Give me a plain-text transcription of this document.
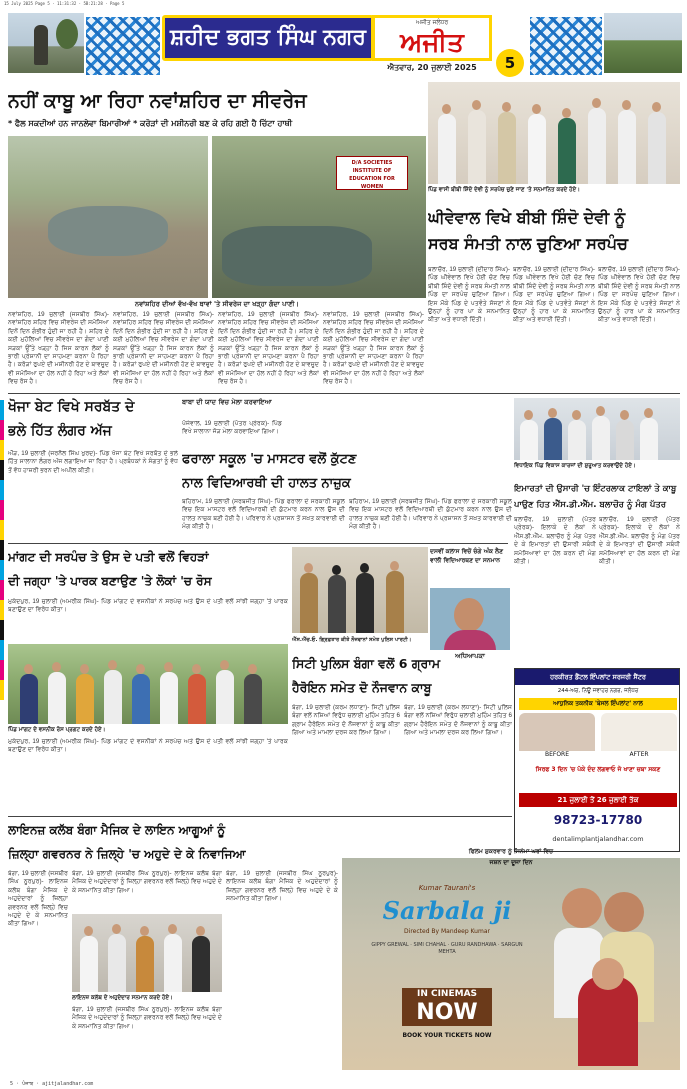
15 July 2025 Page 5 · 11:31:32 · 5B:21:28 · Page 5
ਸ਼ਹੀਦ ਭਗਤ ਸਿੰਘ ਨਗਰ
ਅਜੀਤ ਜਲੰਧਰ
ਅਜੀਤ
ਐਤਵਾਰ, 20 ਜੁਲਾਈ 2025	5
ਨਹੀਂ ਕਾਬੂ ਆ ਰਿਹਾ ਨਵਾਂਸ਼ਹਿਰ ਦਾ ਸੀਵਰੇਜ
* ਫੈਲ ਸਕਦੀਆਂ ਹਨ ਜਾਨਲੇਵਾ ਬਿਮਾਰੀਆਂ * ਕਰੋੜਾਂ ਦੀ ਮਸ਼ੀਨਰੀ ਬਣ ਕੇ ਰਹਿ ਗਈ ਹੈ ਚਿੱਟਾ ਹਾਥੀ
D/A SOCIETIES INSTITUTE OF EDUCATION FOR WOMEN
ਨਵਾਂਸ਼ਹਿਰ ਦੀਆਂ ਵੱਖ-ਵੱਖ ਥਾਵਾਂ 'ਤੇ ਸੀਵਰੇਜ ਦਾ ਖੜ੍ਹਾ ਗੰਦਾ ਪਾਣੀ।
ਨਵਾਂਸ਼ਹਿਰ, 19 ਜੁਲਾਈ (ਜਸਬੀਰ ਸਿੰਘ)- ਨਵਾਂਸ਼ਹਿਰ ਸ਼ਹਿਰ ਵਿਚ ਸੀਵਰੇਜ ਦੀ ਸਮੱਸਿਆ ਦਿਨੋਂ ਦਿਨ ਗੰਭੀਰ ਹੁੰਦੀ ਜਾ ਰਹੀ ਹੈ। ਸ਼ਹਿਰ ਦੇ ਕਈ ਮੁਹੱਲਿਆਂ ਵਿਚ ਸੀਵਰੇਜ ਦਾ ਗੰਦਾ ਪਾਣੀ ਸੜਕਾਂ ਉੱਤੇ ਖੜ੍ਹਾ ਹੈ ਜਿਸ ਕਾਰਨ ਲੋਕਾਂ ਨੂੰ ਭਾਰੀ ਪ੍ਰੇਸ਼ਾਨੀ ਦਾ ਸਾਹਮਣਾ ਕਰਨਾ ਪੈ ਰਿਹਾ ਹੈ। ਕਰੋੜਾਂ ਰੁਪਏ ਦੀ ਮਸ਼ੀਨਰੀ ਹੋਣ ਦੇ ਬਾਵਜੂਦ ਵੀ ਸਮੱਸਿਆ ਦਾ ਹੱਲ ਨਹੀਂ ਹੋ ਰਿਹਾ ਅਤੇ ਲੋਕਾਂ ਵਿਚ ਰੋਸ ਹੈ।
ਨਵਾਂਸ਼ਹਿਰ, 19 ਜੁਲਾਈ (ਜਸਬੀਰ ਸਿੰਘ)- ਨਵਾਂਸ਼ਹਿਰ ਸ਼ਹਿਰ ਵਿਚ ਸੀਵਰੇਜ ਦੀ ਸਮੱਸਿਆ ਦਿਨੋਂ ਦਿਨ ਗੰਭੀਰ ਹੁੰਦੀ ਜਾ ਰਹੀ ਹੈ। ਸ਼ਹਿਰ ਦੇ ਕਈ ਮੁਹੱਲਿਆਂ ਵਿਚ ਸੀਵਰੇਜ ਦਾ ਗੰਦਾ ਪਾਣੀ ਸੜਕਾਂ ਉੱਤੇ ਖੜ੍ਹਾ ਹੈ ਜਿਸ ਕਾਰਨ ਲੋਕਾਂ ਨੂੰ ਭਾਰੀ ਪ੍ਰੇਸ਼ਾਨੀ ਦਾ ਸਾਹਮਣਾ ਕਰਨਾ ਪੈ ਰਿਹਾ ਹੈ। ਕਰੋੜਾਂ ਰੁਪਏ ਦੀ ਮਸ਼ੀਨਰੀ ਹੋਣ ਦੇ ਬਾਵਜੂਦ ਵੀ ਸਮੱਸਿਆ ਦਾ ਹੱਲ ਨਹੀਂ ਹੋ ਰਿਹਾ ਅਤੇ ਲੋਕਾਂ ਵਿਚ ਰੋਸ ਹੈ।
ਨਵਾਂਸ਼ਹਿਰ, 19 ਜੁਲਾਈ (ਜਸਬੀਰ ਸਿੰਘ)- ਨਵਾਂਸ਼ਹਿਰ ਸ਼ਹਿਰ ਵਿਚ ਸੀਵਰੇਜ ਦੀ ਸਮੱਸਿਆ ਦਿਨੋਂ ਦਿਨ ਗੰਭੀਰ ਹੁੰਦੀ ਜਾ ਰਹੀ ਹੈ। ਸ਼ਹਿਰ ਦੇ ਕਈ ਮੁਹੱਲਿਆਂ ਵਿਚ ਸੀਵਰੇਜ ਦਾ ਗੰਦਾ ਪਾਣੀ ਸੜਕਾਂ ਉੱਤੇ ਖੜ੍ਹਾ ਹੈ ਜਿਸ ਕਾਰਨ ਲੋਕਾਂ ਨੂੰ ਭਾਰੀ ਪ੍ਰੇਸ਼ਾਨੀ ਦਾ ਸਾਹਮਣਾ ਕਰਨਾ ਪੈ ਰਿਹਾ ਹੈ। ਕਰੋੜਾਂ ਰੁਪਏ ਦੀ ਮਸ਼ੀਨਰੀ ਹੋਣ ਦੇ ਬਾਵਜੂਦ ਵੀ ਸਮੱਸਿਆ ਦਾ ਹੱਲ ਨਹੀਂ ਹੋ ਰਿਹਾ ਅਤੇ ਲੋਕਾਂ ਵਿਚ ਰੋਸ ਹੈ।
ਨਵਾਂਸ਼ਹਿਰ, 19 ਜੁਲਾਈ (ਜਸਬੀਰ ਸਿੰਘ)- ਨਵਾਂਸ਼ਹਿਰ ਸ਼ਹਿਰ ਵਿਚ ਸੀਵਰੇਜ ਦੀ ਸਮੱਸਿਆ ਦਿਨੋਂ ਦਿਨ ਗੰਭੀਰ ਹੁੰਦੀ ਜਾ ਰਹੀ ਹੈ। ਸ਼ਹਿਰ ਦੇ ਕਈ ਮੁਹੱਲਿਆਂ ਵਿਚ ਸੀਵਰੇਜ ਦਾ ਗੰਦਾ ਪਾਣੀ ਸੜਕਾਂ ਉੱਤੇ ਖੜ੍ਹਾ ਹੈ ਜਿਸ ਕਾਰਨ ਲੋਕਾਂ ਨੂੰ ਭਾਰੀ ਪ੍ਰੇਸ਼ਾਨੀ ਦਾ ਸਾਹਮਣਾ ਕਰਨਾ ਪੈ ਰਿਹਾ ਹੈ। ਕਰੋੜਾਂ ਰੁਪਏ ਦੀ ਮਸ਼ੀਨਰੀ ਹੋਣ ਦੇ ਬਾਵਜੂਦ ਵੀ ਸਮੱਸਿਆ ਦਾ ਹੱਲ ਨਹੀਂ ਹੋ ਰਿਹਾ ਅਤੇ ਲੋਕਾਂ ਵਿਚ ਰੋਸ ਹੈ।
ਪਿੰਡ ਵਾਸੀ ਬੀਬੀ ਸ਼ਿੰਦੋ ਦੇਵੀ ਨੂੰ ਸਰਪੰਚ ਚੁਣੇ ਜਾਣ 'ਤੇ ਸਨਮਾਨਿਤ ਕਰਦੇ ਹੋਏ।
ਘੀਵੇਵਾਲ ਵਿਖੇ ਬੀਬੀ ਸ਼ਿੰਦੋ ਦੇਵੀ ਨੂੰ
ਸਰਬ ਸੰਮਤੀ ਨਾਲ ਚੁਣਿਆ ਸਰਪੰਚ
ਬਲਾਚੌਰ, 19 ਜੁਲਾਈ (ਦੀਦਾਰ ਸਿੰਘ)- ਪਿੰਡ ਘੀਵੇਵਾਲ ਵਿਖੇ ਹੋਈ ਚੋਣ ਵਿਚ ਬੀਬੀ ਸ਼ਿੰਦੋ ਦੇਵੀ ਨੂੰ ਸਰਬ ਸੰਮਤੀ ਨਾਲ ਪਿੰਡ ਦਾ ਸਰਪੰਚ ਚੁਣਿਆ ਗਿਆ। ਇਸ ਮੌਕੇ ਪਿੰਡ ਦੇ ਪਤਵੰਤੇ ਸੱਜਣਾਂ ਨੇ ਉਨ੍ਹਾਂ ਨੂੰ ਹਾਰ ਪਾ ਕੇ ਸਨਮਾਨਿਤ ਕੀਤਾ ਅਤੇ ਵਧਾਈ ਦਿੱਤੀ।
ਬਲਾਚੌਰ, 19 ਜੁਲਾਈ (ਦੀਦਾਰ ਸਿੰਘ)- ਪਿੰਡ ਘੀਵੇਵਾਲ ਵਿਖੇ ਹੋਈ ਚੋਣ ਵਿਚ ਬੀਬੀ ਸ਼ਿੰਦੋ ਦੇਵੀ ਨੂੰ ਸਰਬ ਸੰਮਤੀ ਨਾਲ ਪਿੰਡ ਦਾ ਸਰਪੰਚ ਚੁਣਿਆ ਗਿਆ। ਇਸ ਮੌਕੇ ਪਿੰਡ ਦੇ ਪਤਵੰਤੇ ਸੱਜਣਾਂ ਨੇ ਉਨ੍ਹਾਂ ਨੂੰ ਹਾਰ ਪਾ ਕੇ ਸਨਮਾਨਿਤ ਕੀਤਾ ਅਤੇ ਵਧਾਈ ਦਿੱਤੀ।
ਬਲਾਚੌਰ, 19 ਜੁਲਾਈ (ਦੀਦਾਰ ਸਿੰਘ)- ਪਿੰਡ ਘੀਵੇਵਾਲ ਵਿਖੇ ਹੋਈ ਚੋਣ ਵਿਚ ਬੀਬੀ ਸ਼ਿੰਦੋ ਦੇਵੀ ਨੂੰ ਸਰਬ ਸੰਮਤੀ ਨਾਲ ਪਿੰਡ ਦਾ ਸਰਪੰਚ ਚੁਣਿਆ ਗਿਆ। ਇਸ ਮੌਕੇ ਪਿੰਡ ਦੇ ਪਤਵੰਤੇ ਸੱਜਣਾਂ ਨੇ ਉਨ੍ਹਾਂ ਨੂੰ ਹਾਰ ਪਾ ਕੇ ਸਨਮਾਨਿਤ ਕੀਤਾ ਅਤੇ ਵਧਾਈ ਦਿੱਤੀ।
ਖੋਜਾ ਬੇਟ ਵਿਖੇ ਸਰਬੱਤ ਦੇ
ਭਲੇ ਹਿੱਤ ਲੰਗਰ ਅੱਜ
ਔੜ, 19 ਜੁਲਾਈ (ਜਰਨੈਲ ਸਿੰਘ ਖੁਰਦ)- ਪਿੰਡ ਖੋਜਾ ਬੇਟ ਵਿਖੇ ਸਰਬੱਤ ਦੇ ਭਲੇ ਹਿੱਤ ਸਾਲਾਨਾ ਲੰਗਰ ਅੱਜ ਲਗਾਇਆ ਜਾ ਰਿਹਾ ਹੈ। ਪ੍ਰਬੰਧਕਾਂ ਨੇ ਸੰਗਤਾਂ ਨੂੰ ਵੱਧ ਤੋਂ ਵੱਧ ਹਾਜ਼ਰੀ ਭਰਨ ਦੀ ਅਪੀਲ ਕੀਤੀ।
ਬਾਬਾ ਦੀ ਯਾਦ ਵਿਚ ਮੇਲਾ ਕਰਵਾਇਆ
ਪੋਜੇਵਾਲ, 19 ਜੁਲਾਈ (ਪੱਤਰ ਪ੍ਰੇਰਕ)- ਪਿੰਡ ਵਿਖੇ ਸਾਲਾਨਾ ਜੋੜ ਮੇਲਾ ਕਰਵਾਇਆ ਗਿਆ।
ਫਰਾਲਾ ਸਕੂਲ 'ਚ ਮਾਸਟਰ ਵਲੋਂ ਕੁੱਟਣ
ਨਾਲ ਵਿਦਿਆਰਥੀ ਦੀ ਹਾਲਤ ਨਾਜ਼ੁਕ
ਬਹਿਰਾਮ, 19 ਜੁਲਾਈ (ਸਰਬਜੀਤ ਸਿੰਘ)- ਪਿੰਡ ਫਰਾਲਾ ਦੇ ਸਰਕਾਰੀ ਸਕੂਲ ਵਿਚ ਇਕ ਮਾਸਟਰ ਵਲੋਂ ਵਿਦਿਆਰਥੀ ਦੀ ਕੁੱਟਮਾਰ ਕਰਨ ਨਾਲ ਉਸ ਦੀ ਹਾਲਤ ਨਾਜ਼ੁਕ ਬਣੀ ਹੋਈ ਹੈ। ਪਰਿਵਾਰ ਨੇ ਪ੍ਰਸ਼ਾਸਨ ਤੋਂ ਸਖ਼ਤ ਕਾਰਵਾਈ ਦੀ ਮੰਗ ਕੀਤੀ ਹੈ।
ਬਹਿਰਾਮ, 19 ਜੁਲਾਈ (ਸਰਬਜੀਤ ਸਿੰਘ)- ਪਿੰਡ ਫਰਾਲਾ ਦੇ ਸਰਕਾਰੀ ਸਕੂਲ ਵਿਚ ਇਕ ਮਾਸਟਰ ਵਲੋਂ ਵਿਦਿਆਰਥੀ ਦੀ ਕੁੱਟਮਾਰ ਕਰਨ ਨਾਲ ਉਸ ਦੀ ਹਾਲਤ ਨਾਜ਼ੁਕ ਬਣੀ ਹੋਈ ਹੈ। ਪਰਿਵਾਰ ਨੇ ਪ੍ਰਸ਼ਾਸਨ ਤੋਂ ਸਖ਼ਤ ਕਾਰਵਾਈ ਦੀ ਮੰਗ ਕੀਤੀ ਹੈ।
ਵਿਧਾਇਕ ਪਿੰਡ ਵਿਕਾਸ ਕਾਰਜਾਂ ਦੀ ਸ਼ੁਰੂਆਤ ਕਰਵਾਉਂਦੇ ਹੋਏ।
ਇਮਾਰਤਾਂ ਦੀ ਉਸਾਰੀ 'ਚ ਇੰਟਰਲਾਕ ਟਾਇਲਾਂ ਤੇ ਕਾਬੂ
ਪਾਉਣ ਹਿਤ ਐੱਸ.ਡੀ.ਐੱਮ. ਬਲਾਚੌਰ ਨੂੰ ਮੰਗ ਪੱਤਰ
ਬਲਾਚੌਰ, 19 ਜੁਲਾਈ (ਪੱਤਰ ਪ੍ਰੇਰਕ)- ਇਲਾਕੇ ਦੇ ਲੋਕਾਂ ਨੇ ਐੱਸ.ਡੀ.ਐੱਮ. ਬਲਾਚੌਰ ਨੂੰ ਮੰਗ ਪੱਤਰ ਦੇ ਕੇ ਇਮਾਰਤਾਂ ਦੀ ਉਸਾਰੀ ਸਬੰਧੀ ਸਮੱਸਿਆਵਾਂ ਦਾ ਹੱਲ ਕਰਨ ਦੀ ਮੰਗ ਕੀਤੀ।
ਬਲਾਚੌਰ, 19 ਜੁਲਾਈ (ਪੱਤਰ ਪ੍ਰੇਰਕ)- ਇਲਾਕੇ ਦੇ ਲੋਕਾਂ ਨੇ ਐੱਸ.ਡੀ.ਐੱਮ. ਬਲਾਚੌਰ ਨੂੰ ਮੰਗ ਪੱਤਰ ਦੇ ਕੇ ਇਮਾਰਤਾਂ ਦੀ ਉਸਾਰੀ ਸਬੰਧੀ ਸਮੱਸਿਆਵਾਂ ਦਾ ਹੱਲ ਕਰਨ ਦੀ ਮੰਗ ਕੀਤੀ।
ਮਾਂਗਟ ਦੀ ਸਰਪੰਚ ਤੇ ਉਸ ਦੇ ਪਤੀ ਵਲੋਂ ਵਿਹੜਾਂ
ਦੀ ਜਗ੍ਹਾ 'ਤੇ ਪਾਰਕ ਬਣਾਉਣ 'ਤੇ ਲੋਕਾਂ 'ਚ ਰੋਸ
ਮੁਕੰਦਪੁਰ, 19 ਜੁਲਾਈ (ਅਮਰੀਕ ਸਿੰਘ)- ਪਿੰਡ ਮਾਂਗਟ ਦੇ ਵਸਨੀਕਾਂ ਨੇ ਸਰਪੰਚ ਅਤੇ ਉਸ ਦੇ ਪਤੀ ਵਲੋਂ ਸਾਂਝੀ ਜਗ੍ਹਾ 'ਤੇ ਪਾਰਕ ਬਣਾਉਣ ਦਾ ਵਿਰੋਧ ਕੀਤਾ।
ਪਿੰਡ ਮਾਂਗਟ ਦੇ ਵਸਨੀਕ ਰੋਸ ਪ੍ਰਗਟ ਕਰਦੇ ਹੋਏ।
ਮੁਕੰਦਪੁਰ, 19 ਜੁਲਾਈ (ਅਮਰੀਕ ਸਿੰਘ)- ਪਿੰਡ ਮਾਂਗਟ ਦੇ ਵਸਨੀਕਾਂ ਨੇ ਸਰਪੰਚ ਅਤੇ ਉਸ ਦੇ ਪਤੀ ਵਲੋਂ ਸਾਂਝੀ ਜਗ੍ਹਾ 'ਤੇ ਪਾਰਕ ਬਣਾਉਣ ਦਾ ਵਿਰੋਧ ਕੀਤਾ।
ਐੱਸ.ਐੱਚ.ਓ. ਗ੍ਰਿਫ਼ਤਾਰ ਕੀਤੇ ਨੌਜਵਾਨਾਂ ਸਮੇਤ ਪੁਲਿਸ ਪਾਰਟੀ।
ਸਿਟੀ ਪੁਲਿਸ ਬੰਗਾ ਵਲੋਂ 6 ਗ੍ਰਾਮ
ਹੈਰੋਇਨ ਸਮੇਤ ਦੋ ਨੌਜਵਾਨ ਕਾਬੂ
ਬੰਗਾ, 19 ਜੁਲਾਈ (ਕਰਮ ਲਧਾਣਾ)- ਸਿਟੀ ਪੁਲਿਸ ਬੰਗਾ ਵਲੋਂ ਨਸ਼ਿਆਂ ਵਿਰੁੱਧ ਚਲਾਈ ਮੁਹਿੰਮ ਤਹਿਤ 6 ਗ੍ਰਾਮ ਹੈਰੋਇਨ ਸਮੇਤ ਦੋ ਨੌਜਵਾਨਾਂ ਨੂੰ ਕਾਬੂ ਕੀਤਾ ਗਿਆ ਅਤੇ ਮਾਮਲਾ ਦਰਜ ਕਰ ਲਿਆ ਗਿਆ।
ਬੰਗਾ, 19 ਜੁਲਾਈ (ਕਰਮ ਲਧਾਣਾ)- ਸਿਟੀ ਪੁਲਿਸ ਬੰਗਾ ਵਲੋਂ ਨਸ਼ਿਆਂ ਵਿਰੁੱਧ ਚਲਾਈ ਮੁਹਿੰਮ ਤਹਿਤ 6 ਗ੍ਰਾਮ ਹੈਰੋਇਨ ਸਮੇਤ ਦੋ ਨੌਜਵਾਨਾਂ ਨੂੰ ਕਾਬੂ ਕੀਤਾ ਗਿਆ ਅਤੇ ਮਾਮਲਾ ਦਰਜ ਕਰ ਲਿਆ ਗਿਆ।
ਦਸਵੀਂ ਕਲਾਸ ਵਿਚੋਂ ਚੰਗੇ ਅੰਕ ਲੈਣ ਵਾਲੀ ਵਿਦਿਆਰਥਣ ਦਾ ਸਨਮਾਨ
ਅਧਿਆਪਕਾ
ਹਰਕੀਰਤ ਡੈਂਟਲ ਇੰਪਲਾਂਟ ਸਰਜਰੀ ਸੈਂਟਰ
244-ਅਰ, ਨਿਊ ਜਵਾਹਰ ਨਗਰ, ਜਲੰਧਰ
ਆਧੁਨਿਕ ਤਕਨੀਕ 'ਬੇਸਲ ਇੰਪਲਾਂਟ' ਨਾਲ
BEFORE	AFTER
ਸਿਰਫ 3 ਦਿਨ 'ਚ ਪੱਕੇ ਦੰਦ ਲਗਵਾਓ ਜੋ ਖਾਣਾ ਚਬਾ ਸਕਣ
21 ਜੁਲਾਈ ਤੋਂ 26 ਜੁਲਾਈ ਤੱਕ
98723-17780
dentalimplantjalandhar.com
ਲਾਇਨਜ਼ ਕਲੱਬ ਬੰਗਾ ਮੈਜਿਕ ਦੇ ਲਾਇਨ ਆਗੂਆਂ ਨੂੰ
ਜ਼ਿਲ੍ਹਾ ਗਵਰਨਰ ਨੇ ਜ਼ਿਲ੍ਹੇ 'ਚ ਅਹੁਦੇ ਦੇ ਕੇ ਨਿਵਾਜਿਆ
ਬੰਗਾ, 19 ਜੁਲਾਈ (ਜਸਬੀਰ ਸਿੰਘ ਨੂਰਪੁਰ)- ਲਾਇਨਜ਼ ਕਲੱਬ ਬੰਗਾ ਮੈਜਿਕ ਦੇ ਅਹੁਦੇਦਾਰਾਂ ਨੂੰ ਜ਼ਿਲ੍ਹਾ ਗਵਰਨਰ ਵਲੋਂ ਜ਼ਿਲ੍ਹੇ ਵਿਚ ਅਹੁਦੇ ਦੇ ਕੇ ਸਨਮਾਨਿਤ ਕੀਤਾ ਗਿਆ।
ਲਾਇਨਜ਼ ਕਲੱਬ ਦੇ ਅਹੁਦੇਦਾਰ ਸਨਮਾਨ ਕਰਦੇ ਹੋਏ।
ਬੰਗਾ, 19 ਜੁਲਾਈ (ਜਸਬੀਰ ਸਿੰਘ ਨੂਰਪੁਰ)- ਲਾਇਨਜ਼ ਕਲੱਬ ਬੰਗਾ ਮੈਜਿਕ ਦੇ ਅਹੁਦੇਦਾਰਾਂ ਨੂੰ ਜ਼ਿਲ੍ਹਾ ਗਵਰਨਰ ਵਲੋਂ ਜ਼ਿਲ੍ਹੇ ਵਿਚ ਅਹੁਦੇ ਦੇ ਕੇ ਸਨਮਾਨਿਤ ਕੀਤਾ ਗਿਆ।
ਬੰਗਾ, 19 ਜੁਲਾਈ (ਜਸਬੀਰ ਸਿੰਘ ਨੂਰਪੁਰ)- ਲਾਇਨਜ਼ ਕਲੱਬ ਬੰਗਾ ਮੈਜਿਕ ਦੇ ਅਹੁਦੇਦਾਰਾਂ ਨੂੰ ਜ਼ਿਲ੍ਹਾ ਗਵਰਨਰ ਵਲੋਂ ਜ਼ਿਲ੍ਹੇ ਵਿਚ ਅਹੁਦੇ ਦੇ ਕੇ ਸਨਮਾਨਿਤ ਕੀਤਾ ਗਿਆ।
ਬੰਗਾ, 19 ਜੁਲਾਈ (ਜਸਬੀਰ ਸਿੰਘ ਨੂਰਪੁਰ)- ਲਾਇਨਜ਼ ਕਲੱਬ ਬੰਗਾ ਮੈਜਿਕ ਦੇ ਅਹੁਦੇਦਾਰਾਂ ਨੂੰ ਜ਼ਿਲ੍ਹਾ ਗਵਰਨਰ ਵਲੋਂ ਜ਼ਿਲ੍ਹੇ ਵਿਚ ਅਹੁਦੇ ਦੇ ਕੇ ਸਨਮਾਨਿਤ ਕੀਤਾ ਗਿਆ।
ਜਸ਼ਨ ਦਾ ਦੂਜਾ ਦਿਨ
Kumar Taurani's
Sarbala ji
Directed By Mandeep Kumar
GIPPY GREWAL · SIMI CHAHAL · GURU RANDHAWA · SARGUN MEHTA
IN CINEMAS
NOW
BOOK YOUR TICKETS NOW
ਫਿਲਮ ਸ਼ੁਕਰਵਾਰ ਨੂੰ ਸਿਨੇਮਾ ਘਰਾਂ ਵਿਚ
5 · ਪੰਜਾਬ · ajitjalandhar.com
